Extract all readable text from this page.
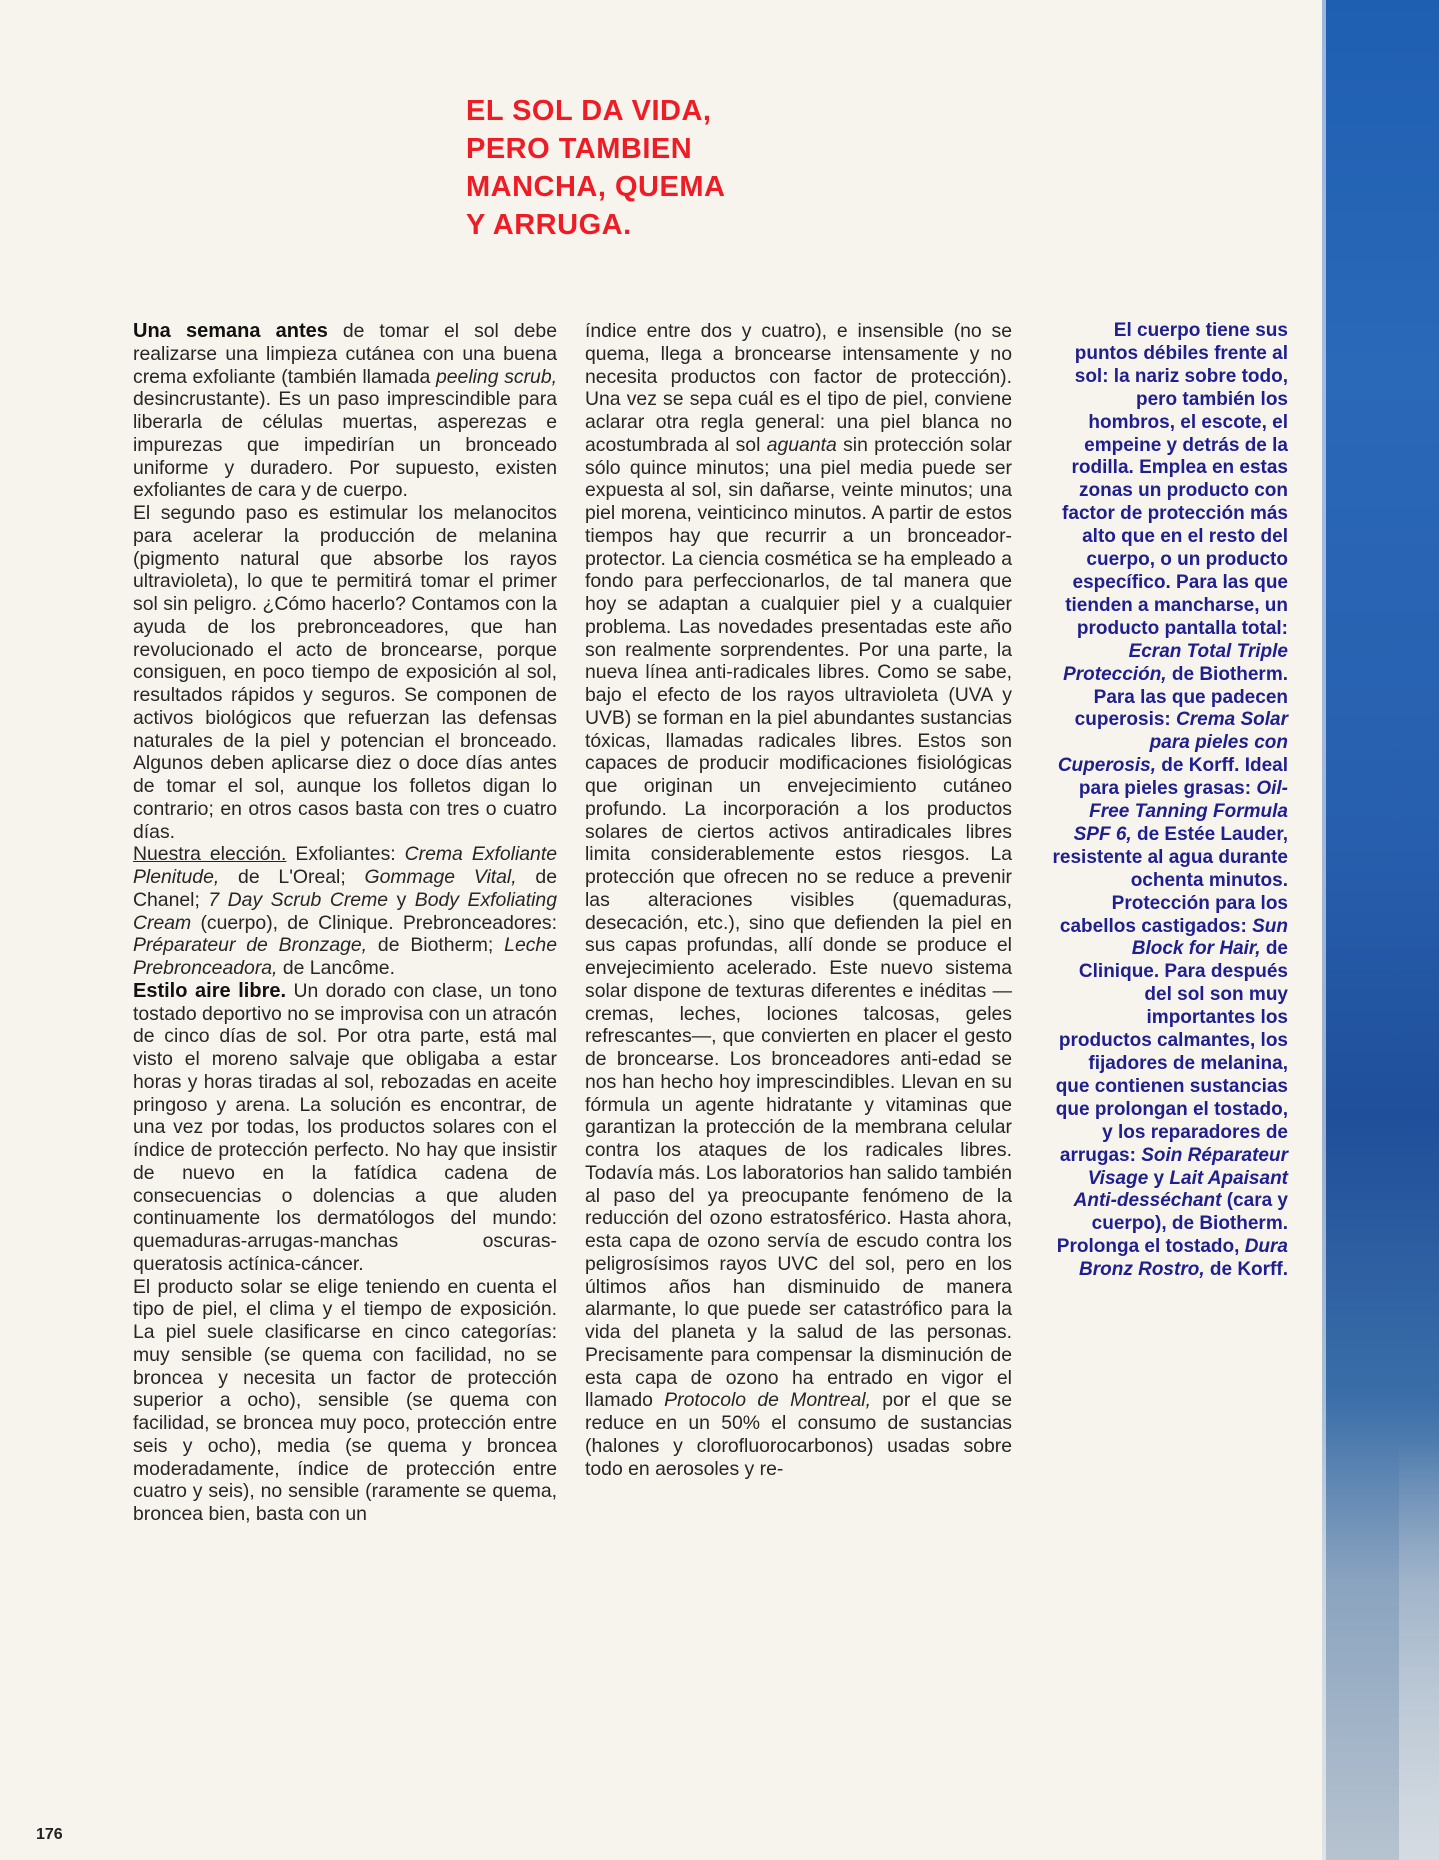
EL SOL DA VIDA,
PERO TAMBIEN
MANCHA, QUEMA
Y ARRUGA.

Una semana antes de tomar el sol debe realizarse una limpieza cutánea con una buena crema exfoliante (también llamada peeling scrub, desincrustante). Es un paso imprescindible para liberarla de células muertas, asperezas e impurezas que impedirían un bronceado uniforme y duradero. Por supuesto, existen exfoliantes de cara y de cuerpo.

El segundo paso es estimular los melanocitos para acelerar la producción de melanina (pigmento natural que absorbe los rayos ultravioleta), lo que te permitirá tomar el primer sol sin peligro. ¿Cómo hacerlo? Contamos con la ayuda de los prebronceadores, que han revolucionado el acto de broncearse, porque consiguen, en poco tiempo de exposición al sol, resultados rápidos y seguros. Se componen de activos biológicos que refuerzan las defensas naturales de la piel y potencian el bronceado. Algunos deben aplicarse diez o doce días antes de tomar el sol, aunque los folletos digan lo contrario; en otros casos basta con tres o cuatro días.

Nuestra elección. Exfoliantes: Crema Exfoliante Plenitude, de L'Oreal; Gommage Vital, de Chanel; 7 Day Scrub Creme y Body Exfoliating Cream (cuerpo), de Clinique. Prebronceadores: Préparateur de Bronzage, de Biotherm; Leche Prebronceadora, de Lancôme.

Estilo aire libre. Un dorado con clase, un tono tostado deportivo no se improvisa con un atracón de cinco días de sol. Por otra parte, está mal visto el moreno salvaje que obligaba a estar horas y horas tiradas al sol, rebozadas en aceite pringoso y arena. La solución es encontrar, de una vez por todas, los productos solares con el índice de protección perfecto. No hay que insistir de nuevo en la fatídica cadena de consecuencias o dolencias a que aluden continuamente los dermatólogos del mundo: quemaduras-arrugas-manchas oscuras-queratosis actínica-cáncer.

El producto solar se elige teniendo en cuenta el tipo de piel, el clima y el tiempo de exposición. La piel suele clasificarse en cinco categorías: muy sensible (se quema con facilidad, no se broncea y necesita un factor de protección superior a ocho), sensible (se quema con facilidad, se broncea muy poco, protección entre seis y ocho), media (se quema y broncea moderadamente, índice de protección entre cuatro y seis), no sensible (raramente se quema, broncea bien, basta con un

índice entre dos y cuatro), e insensible (no se quema, llega a broncearse intensamente y no necesita productos con factor de protección). Una vez se sepa cuál es el tipo de piel, conviene aclarar otra regla general: una piel blanca no acostumbrada al sol aguanta sin protección solar sólo quince minutos; una piel media puede ser expuesta al sol, sin dañarse, veinte minutos; una piel morena, veinticinco minutos. A partir de estos tiempos hay que recurrir a un bronceador-protector. La ciencia cosmética se ha empleado a fondo para perfeccionarlos, de tal manera que hoy se adaptan a cualquier piel y a cualquier problema. Las novedades presentadas este año son realmente sorprendentes. Por una parte, la nueva línea anti-radicales libres. Como se sabe, bajo el efecto de los rayos ultravioleta (UVA y UVB) se forman en la piel abundantes sustancias tóxicas, llamadas radicales libres. Estos son capaces de producir modificaciones fisiológicas que originan un envejecimiento cutáneo profundo. La incorporación a los productos solares de ciertos activos antiradicales libres limita considerablemente estos riesgos. La protección que ofrecen no se reduce a prevenir las alteraciones visibles (quemaduras, desecación, etc.), sino que defienden la piel en sus capas profundas, allí donde se produce el envejecimiento acelerado. Este nuevo sistema solar dispone de texturas diferentes e inéditas —cremas, leches, lociones talcosas, geles refrescantes—, que convierten en placer el gesto de broncearse. Los bronceadores anti-edad se nos han hecho hoy imprescindibles. Llevan en su fórmula un agente hidratante y vitaminas que garantizan la protección de la membrana celular contra los ataques de los radicales libres. Todavía más. Los laboratorios han salido también al paso del ya preocupante fenómeno de la reducción del ozono estratosférico. Hasta ahora, esta capa de ozono servía de escudo contra los peligrosísimos rayos UVC del sol, pero en los últimos años han disminuido de manera alarmante, lo que puede ser catastrófico para la vida del planeta y la salud de las personas. Precisamente para compensar la disminución de esta capa de ozono ha entrado en vigor el llamado Protocolo de Montreal, por el que se reduce en un 50% el consumo de sustancias (halones y clorofluorocarbonos) usadas sobre todo en aerosoles y re-

El cuerpo tiene sus puntos débiles frente al sol: la nariz sobre todo, pero también los hombros, el escote, el empeine y detrás de la rodilla. Emplea en estas zonas un producto con factor de protección más alto que en el resto del cuerpo, o un producto específico. Para las que tienden a mancharse, un producto pantalla total: Ecran Total Triple Protección, de Biotherm. Para las que padecen cuperosis: Crema Solar para pieles con Cuperosis, de Korff. Ideal para pieles grasas: Oil-Free Tanning Formula SPF 6, de Estée Lauder, resistente al agua durante ochenta minutos. Protección para los cabellos castigados: Sun Block for Hair, de Clinique. Para después del sol son muy importantes los productos calmantes, los fijadores de melanina, que contienen sustancias que prolongan el tostado, y los reparadores de arrugas: Soin Réparateur Visage y Lait Apaisant Anti-desséchant (cara y cuerpo), de Biotherm. Prolonga el tostado, Dura Bronz Rostro, de Korff.

176
